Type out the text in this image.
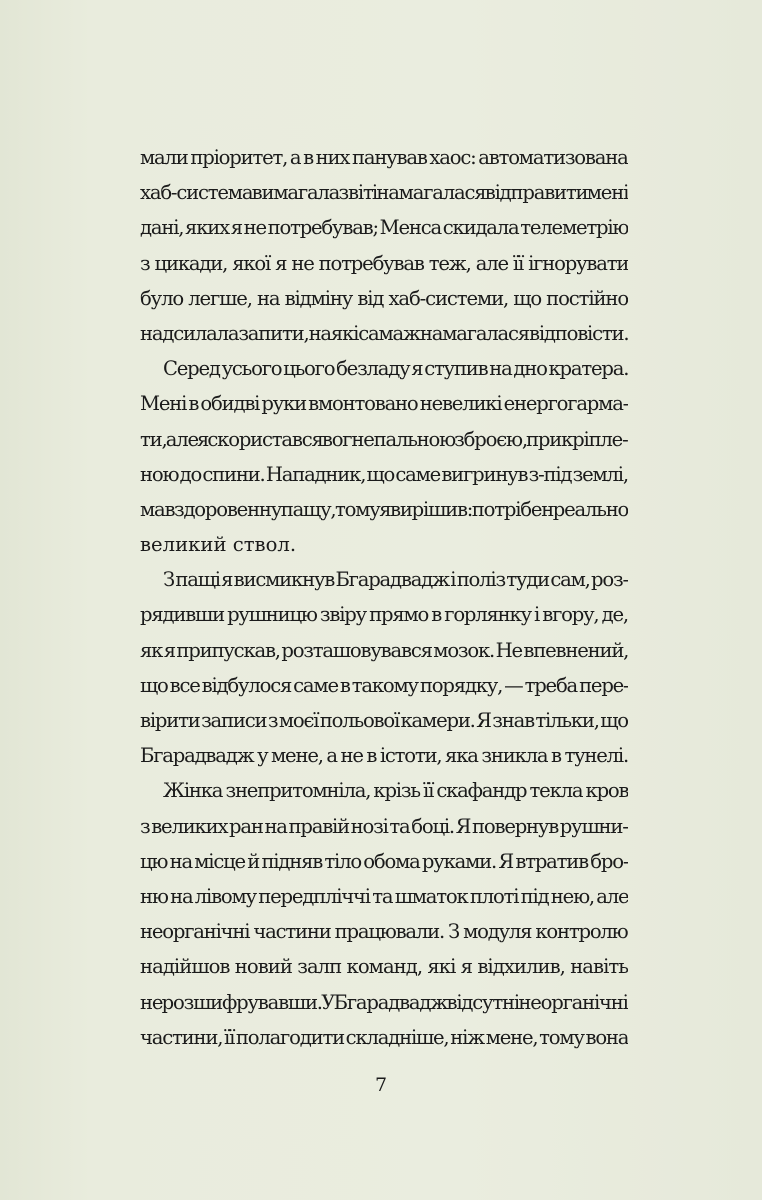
мали пріоритет, а в них панував хаос: автоматизована
хаб-система вимагала звіт і намагалася відправити мені
дані, яких я не потребував; Менса скидала телеметрію
з цикади, якої я не потребував теж, але її ігнорувати
було легше, на відміну від хаб-системи, що постійно
надсилала запити, на які сама ж намагалася відповісти.

Серед усього цього безладу я ступив на дно кратера.
Мені в обидві руки вмонтовано невеликі енергогарма-
ти, але я скористався вогнепальною зброєю, прикріпле-
ною до спини. Нападник, що саме вигринув з-під землі,
мав здоровенну пащу, тому я вирішив: потрібен реально
великий ствол.

З пащі я висмикнув Бгарадвадж і поліз туди сам, роз-
рядивши рушницю звіру прямо в горлянку і вгору, де,
як я припускав, розташовувався мозок. Не впевнений,
що все відбулося саме в такому порядку, — треба пере-
вірити записи з моєї польової камери. Я знав тільки, що
Бгарадвадж у мене, а не в істоти, яка зникла в тунелі.

Жінка знепритомніла, крізь її скафандр текла кров
з великих ран на правій нозі та боці. Я повернув рушни-
цю на місце й підняв тіло обома руками. Я втратив бро-
ню на лівому передпліччі та шматок плоті під нею, але
неорганічні частини працювали. З модуля контролю
надійшов новий залп команд, які я відхилив, навіть
не розшифрувавши. У Бгарадвадж відсутні неорганічні
частини, її полагодити складніше, ніж мене, тому вона

7
